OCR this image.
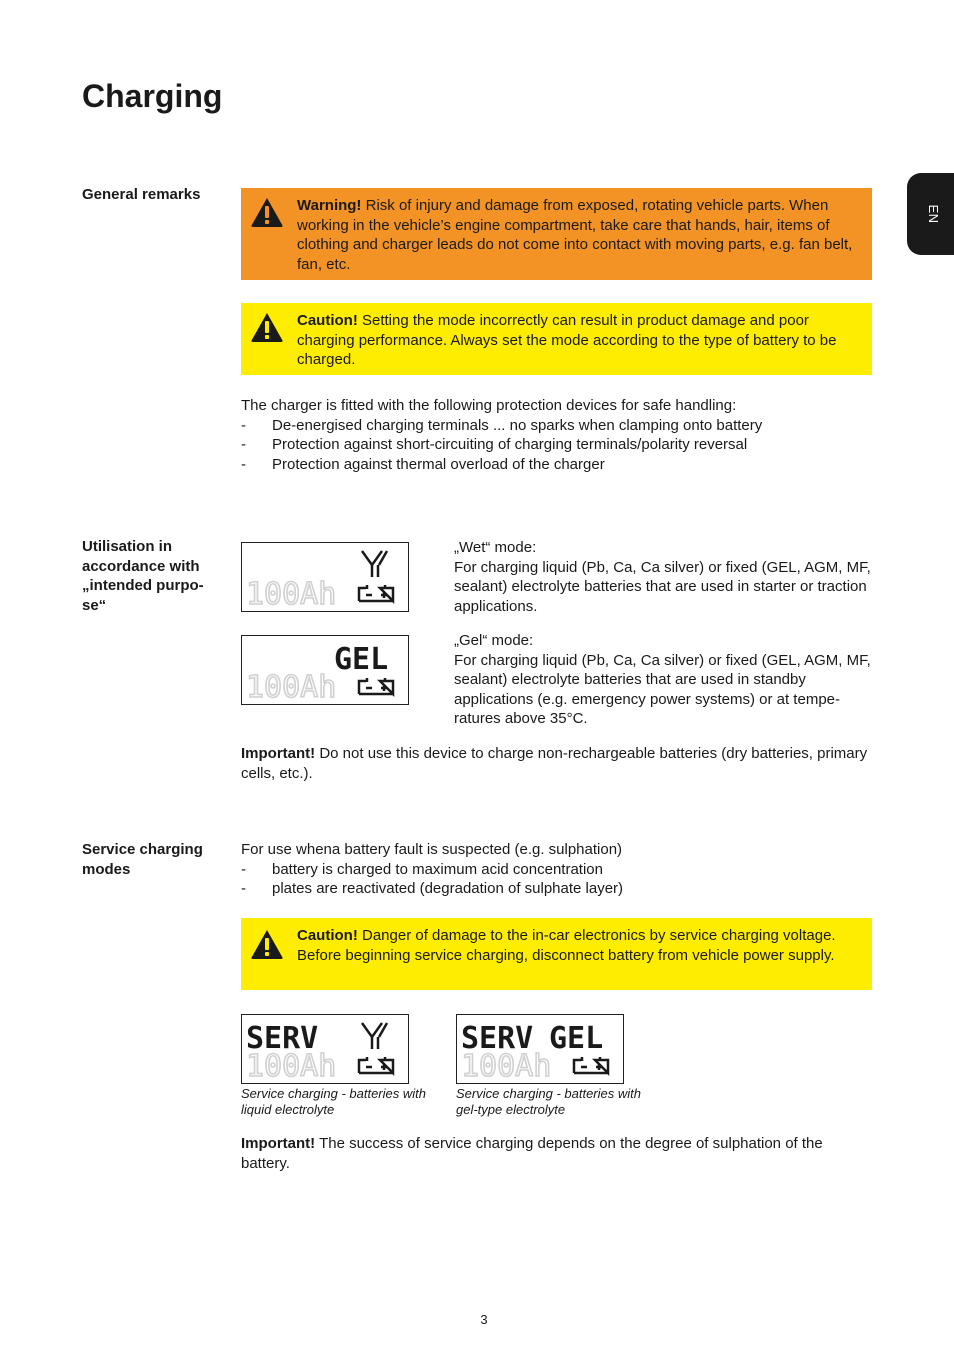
Charging
EN
General remarks

Warning! Risk of injury and damage from exposed, rotating vehicle parts. When working in the vehicle’s engine compartment, take care that hands, hair, items of clothing and charger leads do not come into contact with moving parts, e.g. fan belt, fan, etc.

Caution! Setting the mode incorrectly can result in product damage and poor charging performance. Always set the mode according to the type of battery to be charged.

The charger is fitted with the following protection devices for safe handling:

- De-energised charging terminals ... no sparks when clamping onto battery
- Protection against short-circuiting of charging terminals/polarity reversal
- Protection against thermal overload of the charger
Utilisation in accordance with „intended purpo-se“	100Ah

„Wet“ mode:

For charging liquid (Pb, Ca, Ca silver) or fixed (GEL, AGM, MF, sealant) electrolyte batteries that are used in starter or traction applications.

GEL
100Ah

„Gel“ mode:

For charging liquid (Pb, Ca, Ca silver) or fixed (GEL, AGM, MF, sealant) electrolyte batteries that are used in standby applications (e.g. emergency power systems) or at tempe-ratures above 35°C.

Important! Do not use this device to charge non-rechargeable batteries (dry batteries, primary cells, etc.).

Service charging modes

For use whena battery fault is suspected (e.g. sulphation)

- battery is charged to maximum acid concentration
- plates are reactivated (degradation of sulphate layer)

Caution! Danger of damage to the in-car electronics by service charging voltage. Before beginning service charging, disconnect battery from vehicle power supply.

SERV
100Ah
SERV GEL
100Ah
Service charging - batteries with liquid electrolyte
Service charging - batteries with gel-type electrolyte

Important! The success of service charging depends on the degree of sulphation of the battery.

3
